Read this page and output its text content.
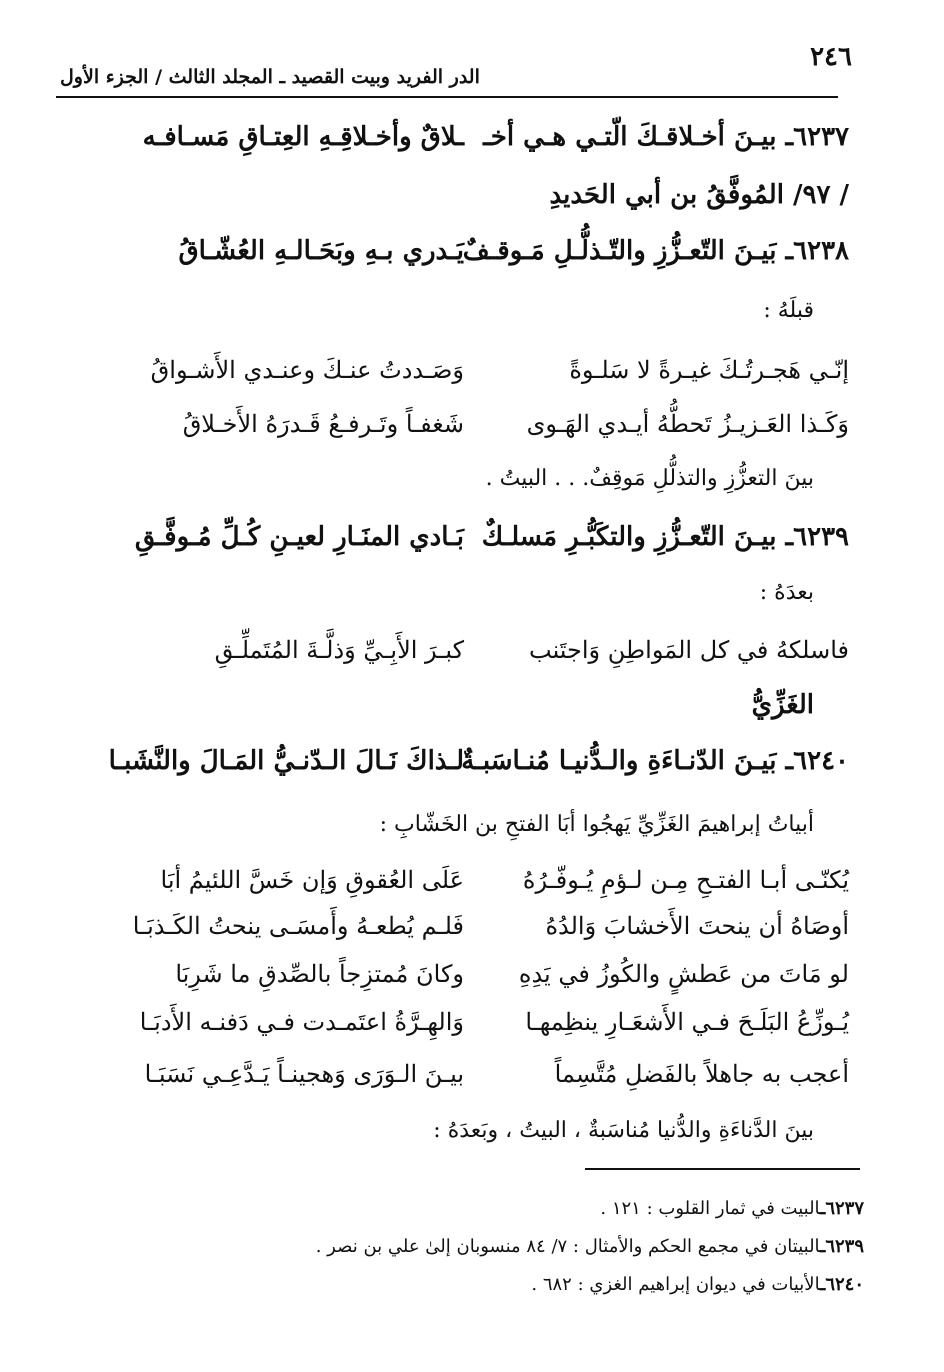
٢٤٦
الدر الفريد وبيت القصيد ـ المجلد الثالث / الجزء الأول
٦٢٣٧ـ بيـنَ أخـلاقـكَ الّتـي هـي أخـ
ـلاقٌ وأخـلاقِـهِ العِتـاقِ مَسـافـه
/ ٩٧/ المُوفَّقُ بن أبي الحَديدِ
٦٢٣٨ـ بَيـنَ التّعـزُّزِ والتّـذلُّـلِ مَـوقـفٌ
يَـدري بـهِ وبَحَـالـهِ العُشّـاقُ
قبلَهُ :
إنّـي هَجـرتُـكَ غيـرةً لا سَلـوةً
وَصَـددتُ عنـكَ وعنـدي الأَشـواقُ
وَكَـذا العَـزيـزُ تَحطُّهُ أيـدي الهَـوى
شَغفـاً وتَـرفـعُ قَـدرَهُ الأَخـلاقُ
بينَ التعزُّزِ والتذلُّلِ مَوقِفٌ. . . البيتُ .
٦٢٣٩ـ بيـنَ التّعـزُّزِ والتكَبُّـرِ مَسلـكٌ
بَـادي المنَـارِ لعيـنِ كُـلِّ مُـوفَّـقِ
بعدَهُ :
فاسلكهُ في كل المَواطِنِ وَاجتَنب
كبـرَ الأَبِـيِّ وَذلَّـةَ المُتَملِّـقِ
الغَزِّيُّ
٦٢٤٠ـ بَيـنَ الدّنـاءَةِ والـدُّنيـا مُنـاسَبـةٌ
لـذاكَ نَـالَ الـدّنـيُّ المَـالَ والنَّشَبـا
أبياتُ إبراهيمَ الغَزِّيِّ يَهجُوا أبَا الفتحِ بن الخَشّابِ :
يُكنّـى أبـا الفتـحِ مِـن لـؤمِ يُـوفّـرُهُ
عَلَى العُقوقِ وَإن خَسَّ اللئيمُ أبَا
أوصَاهُ أن ينحتَ الأَخشابَ وَالدُهُ
فَلـم يُطعـهُ وأَمسَـى ينحتُ الكَـذبَـا
لو مَاتَ من عَطشٍ والكُوزُ في يَدِهِ
وكانَ مُمتزِجاً بالصِّدقِ ما شَرِبَا
يُـوزِّعُ البَلَـحَ فـي الأَشعَـارِ ينظِمهـا
وَالهِـرَّةُ اعتَمـدت فـي دَفنـه الأَدبَـا
أعجب به جاهلاً بالفَضلِ مُتَّسِماً
بيـنَ الـوَرَى وَهجينـاً يَـدَّعِـي نَسَبَـا
بينَ الدَّناءَةِ والدُّنيا مُناسَبةٌ ، البيتُ ، وبَعدَهُ :
٦٢٣٧ـالبيت في ثمار القلوب : ١٢١ .
٦٢٣٩ـالبيتان في مجمع الحكم والأمثال : ٧/ ٨٤ منسوبان إلىٰ علي بن نصر .
٦٢٤٠ـالأبيات في ديوان إبراهيم الغزي : ٦٨٢ .
